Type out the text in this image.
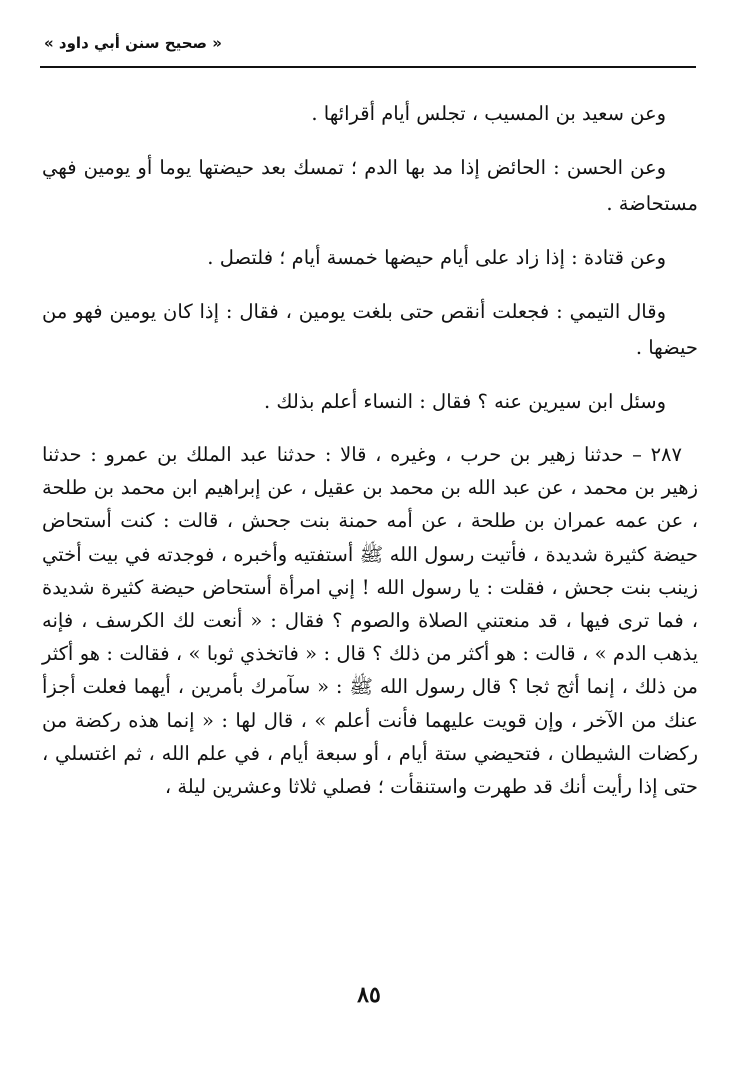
« صحيح سنن أبي داود »

وعن سعيد بن المسيب ، تجلس أيام أقرائها .

وعن الحسن : الحائض إذا مد بها الدم ؛ تمسك بعد حيضتها يوما أو يومين فهي مستحاضة .

وعن قتادة : إذا زاد على أيام حيضها خمسة أيام ؛ فلتصل .

وقال التيمي : فجعلت أنقص حتى بلغت يومين ، فقال : إذا كان يومين فهو من حيضها .

وسئل ابن سيرين عنه ؟ فقال : النساء أعلم بذلك .

٢٨٧ – حدثنا زهير بن حرب ، وغيره ، قالا : حدثنا عبد الملك بن عمرو : حدثنا زهير بن محمد ، عن عبد الله بن محمد بن عقيل ، عن إبراهيم ابن محمد بن طلحة ، عن عمه عمران بن طلحة ، عن أمه حمنة بنت جحش ، قالت : كنت أستحاض حيضة كثيرة شديدة ، فأتيت رسول الله ﷺ أستفتيه وأخبره ، فوجدته في بيت أختي زينب بنت جحش ، فقلت : يا رسول الله ! إني امرأة أستحاض حيضة كثيرة شديدة ، فما ترى فيها ، قد منعتني الصلاة والصوم ؟ فقال : « أنعت لك الكرسف ، فإنه يذهب الدم » ، قالت : هو أكثر من ذلك ؟ قال : « فاتخذي ثوبا » ، فقالت : هو أكثر من ذلك ، إنما أثج ثجا ؟ قال رسول الله ﷺ : « سآمرك بأمرين ، أيهما فعلت أجزأ عنك من الآخر ، وإن قويت عليهما فأنت أعلم » ، قال لها : « إنما هذه ركضة من ركضات الشيطان ، فتحيضي ستة أيام ، أو سبعة أيام ، في علم الله ، ثم اغتسلي ، حتى إذا رأيت أنك قد طهرت واستنقأت ؛ فصلي ثلاثا وعشرين ليلة ،

٨٥
